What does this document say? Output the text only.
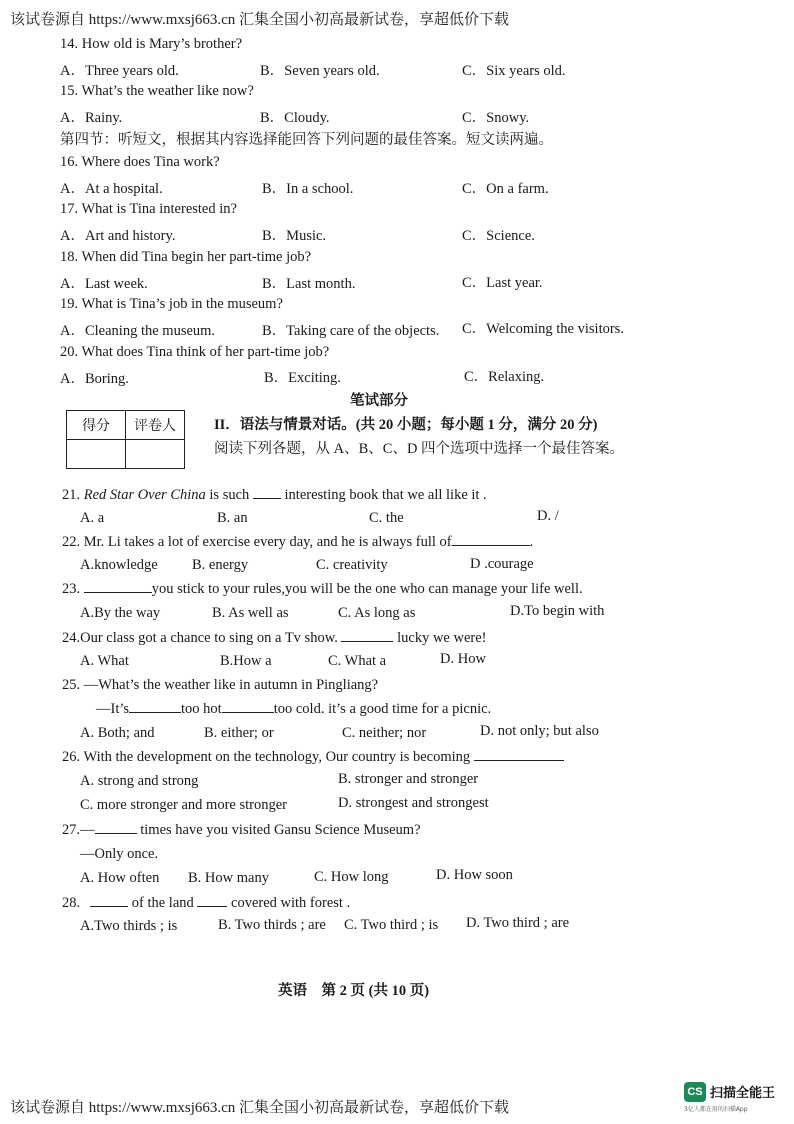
该试卷源自 https://www.mxsj663.cn 汇集全国小初高最新试卷，享超低价下载
14. How old is Mary’s brother?
A．Three years old.	B．Seven years old.	C．Six years old.
15. What’s the weather like now?
A．Rainy.	B．Cloudy.	C．Snowy.
第四节：听短文，根据其内容选择能回答下列问题的最佳答案。短文读两遍。
16. Where does Tina work?
A．At a hospital.	B．In a school.	C．On a farm.
17. What is Tina interested in?
A．Art and history.	B．Music.	C．Science.
18. When did Tina begin her part-time job?
A．Last week.	B．Last month.	C．Last year.
19. What is Tina’s job in the museum?
A．Cleaning the museum.	B．Taking care of the objects. C．Welcoming the visitors.
20. What does Tina think of her part-time job?
A．Boring.	B．Exciting.	C．Relaxing.
笔试部分
得分	评卷人
		II．语法与情景对话。(共 20 小题；每小题 1 分，满分 20 分)
阅读下列各题，从 A、B、C、D 四个选项中选择一个最佳答案。
21. Red Star Over China is such  interesting book that we all like it .
A. a	B. an	C. the	D. /
22. Mr. Li takes a lot of exercise every day, and he is always full of	.
A.knowledge B. energy	C. creativity	D .courage
23.	you stick to your rules,you will be the one who can manage your life well.
A.By the way	B. As well as	C. As long as	D.To begin with
24.Our class got a chance to sing on a Tv show.	lucky we were!
A. What	B.How a	C. What a	D. How
25. —What’s the weather like in autumn in Pingliang?
—It’s	too hot	too cold. it’s a good time for a picnic.
A. Both; and	B. either; or	C. neither; nor	D. not only; but also
26. With the development on the technology, Our country is becoming
A. strong and strong	B. stronger and stronger
C. more stronger and more stronger	D. strongest and strongest
27.—	times have you visited Gansu Science Museum?
—Only once.
A. How often B. How many	C. How long	D. How soon
28.	of the land  covered with forest .
A.Two thirds ; is	B. Two thirds ; are C. Two third ; is D. Two third ; are
英语　第 2 页 (共 10 页)
该试卷源自 https://www.mxsj663.cn 汇集全国小初高最新试卷，享超低价下载
CS 扫描全能王
3亿人都在用的扫描App
